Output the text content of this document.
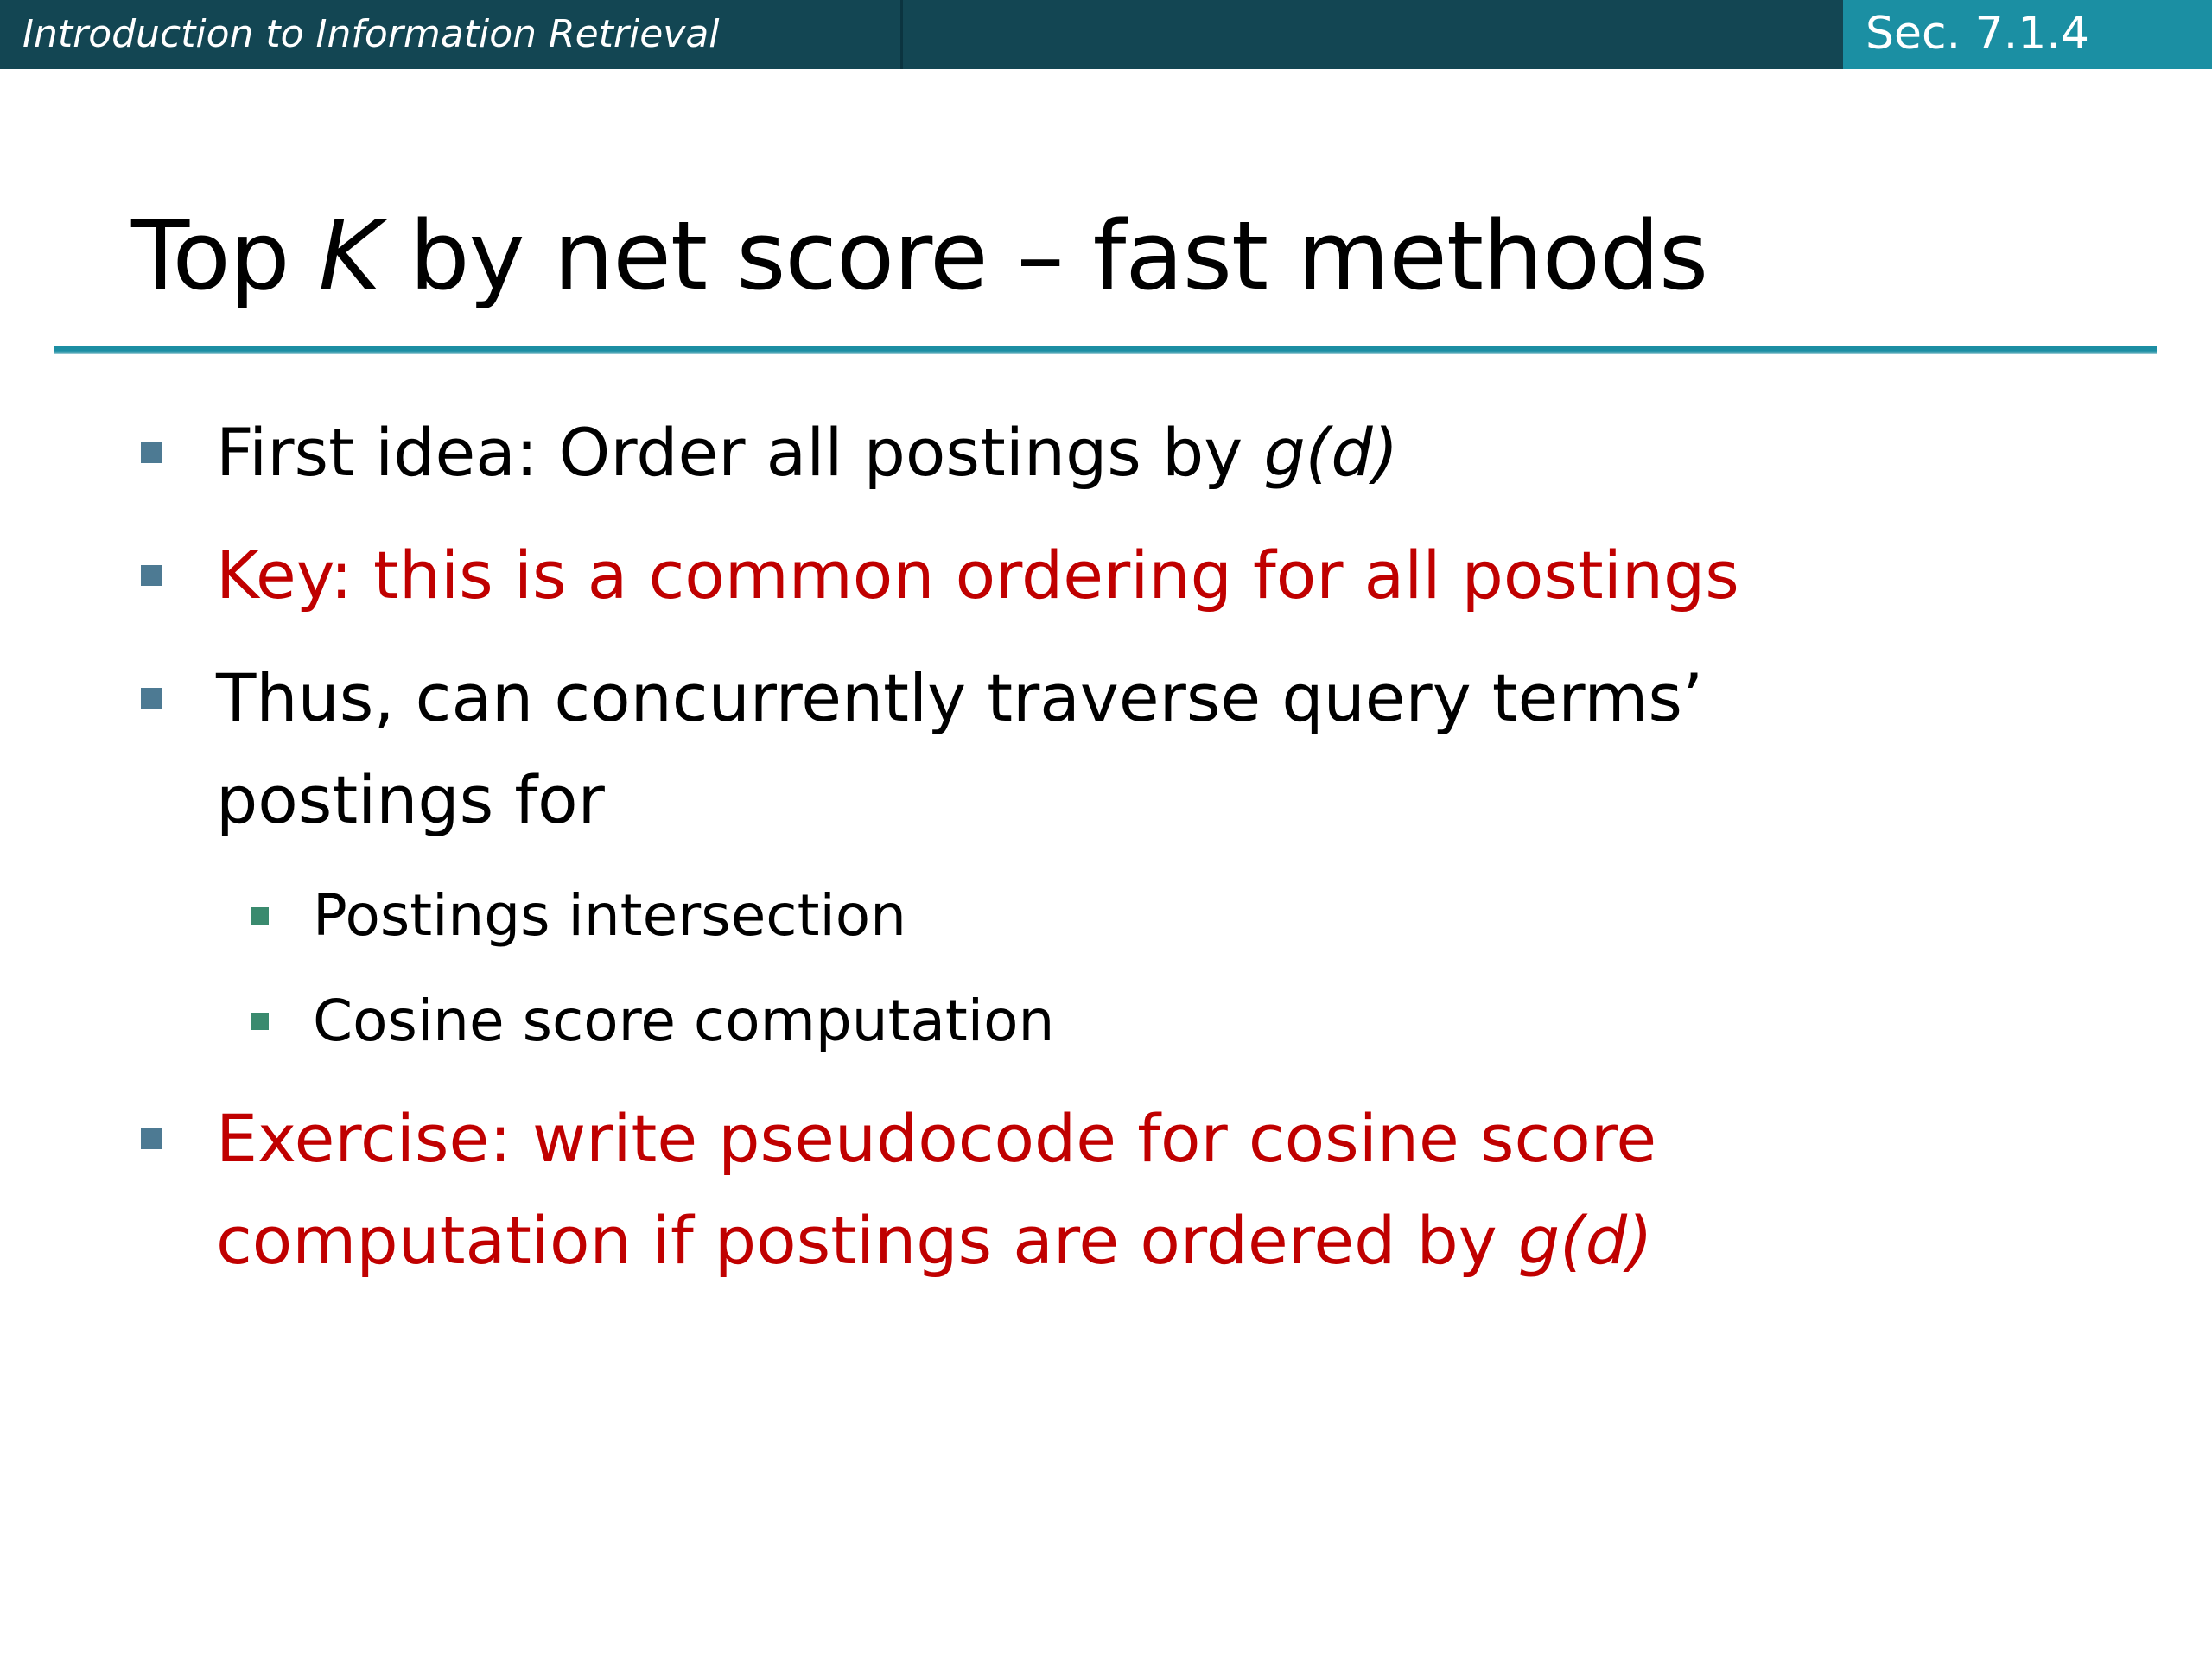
Introduction to Information Retrieval	Sec. 7.1.4
Top K by net score – fast methods
First idea: Order all postings by g(d)
Key: this is a common ordering for all postings
Thus, can concurrently traverse query terms’
postings for
Postings intersection
Cosine score computation
Exercise: write pseudocode for cosine score
computation if postings are ordered by g(d)
